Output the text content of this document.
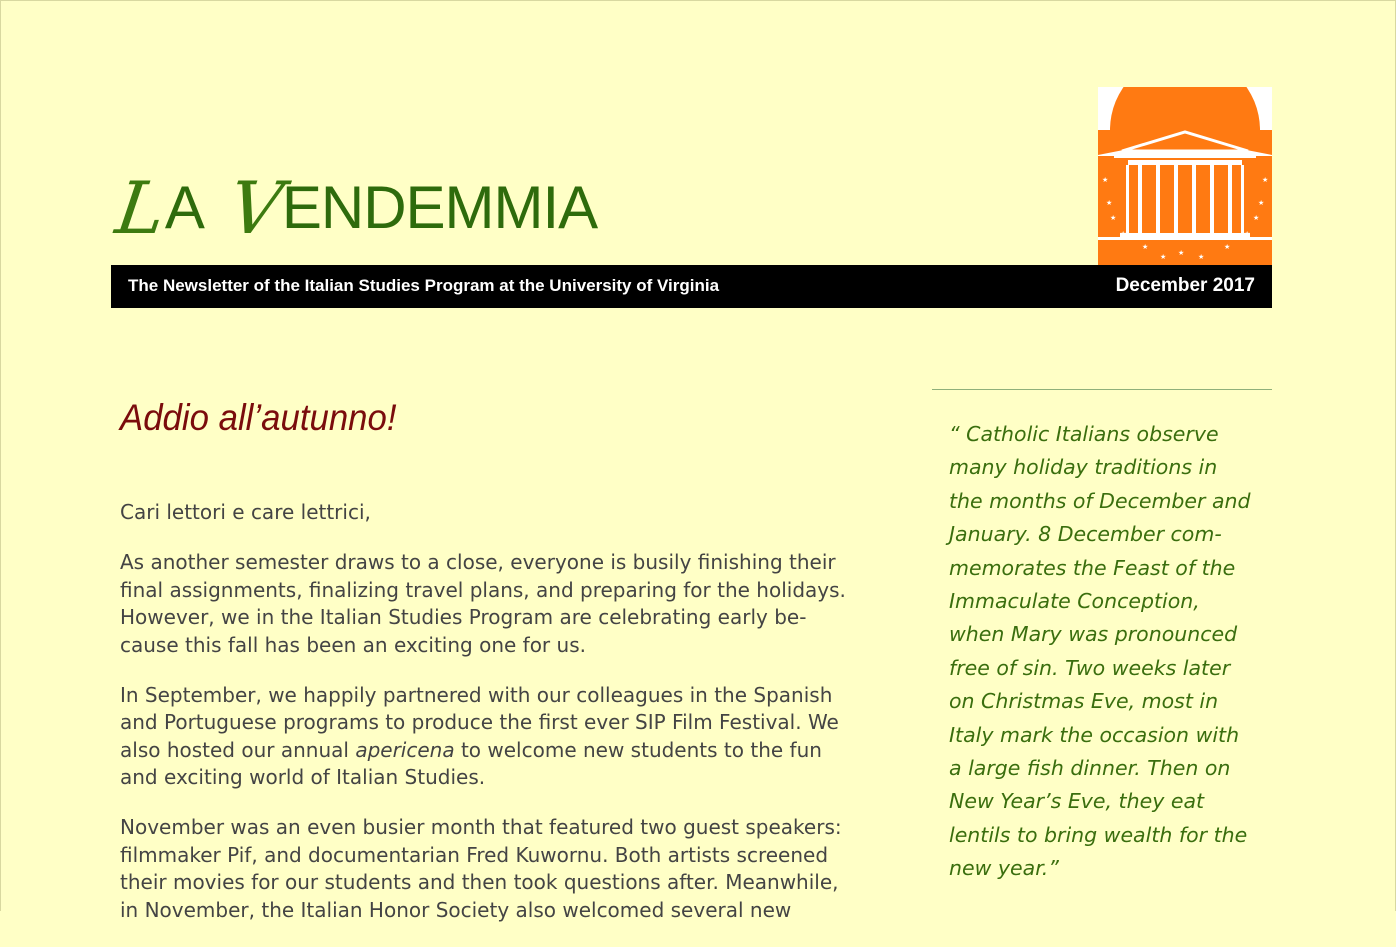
LA VENDEMMIA	★
★
★
★
★
★ ★ ★
★
★
★
★
★
The Newsletter of the Italian Studies Program at the University of Virginia	December 2017
Addio all’autunno!

Cari lettori e care lettrici,

As another semester draws to a close, everyone is busily finishing their
final assignments, finalizing travel plans, and preparing for the holidays.
However, we in the Italian Studies Program are celebrating early be-
cause this fall has been an exciting one for us.

In September, we happily partnered with our colleagues in the Spanish
and Portuguese programs to produce the first ever SIP Film Festival. We
also hosted our annual apericena to welcome new students to the fun
and exciting world of Italian Studies.

November was an even busier month that featured two guest speakers:
filmmaker Pif, and documentarian Fred Kuwornu. Both artists screened
their movies for our students and then took questions after. Meanwhile,
in November, the Italian Honor Society also welcomed several new

“ Catholic Italians observe
many holiday traditions in
the months of December and
January. 8 December com-
memorates the Feast of the
Immaculate Conception,
when Mary was pronounced
free of sin. Two weeks later
on Christmas Eve, most in
Italy mark the occasion with
a large fish dinner. Then on
New Year’s Eve, they eat
lentils to bring wealth for the
new year.”
